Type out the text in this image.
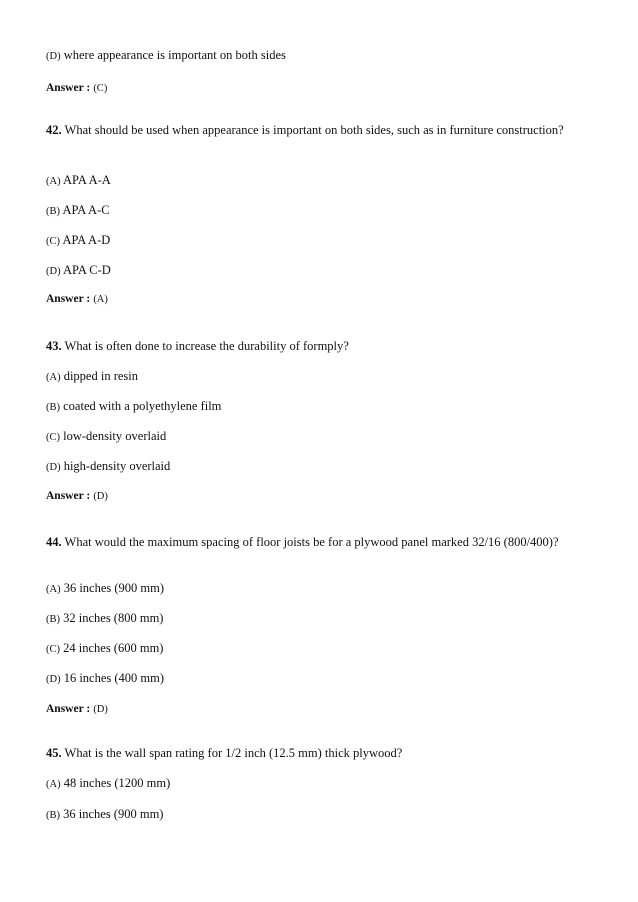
(D) where appearance is important on both sides
Answer : (C)
42. What should be used when appearance is important on both sides, such as in furniture construction?
(A) APA A-A
(B) APA A-C
(C) APA A-D
(D) APA C-D
Answer : (A)
43. What is often done to increase the durability of formply?
(A) dipped in resin
(B) coated with a polyethylene film
(C) low-density overlaid
(D) high-density overlaid
Answer : (D)
44. What would the maximum spacing of floor joists be for a plywood panel marked 32/16 (800/400)?
(A) 36 inches (900 mm)
(B) 32 inches (800 mm)
(C) 24 inches (600 mm)
(D) 16 inches (400 mm)
Answer : (D)
45. What is the wall span rating for 1/2 inch (12.5 mm) thick plywood?
(A) 48 inches (1200 mm)
(B) 36 inches (900 mm)
